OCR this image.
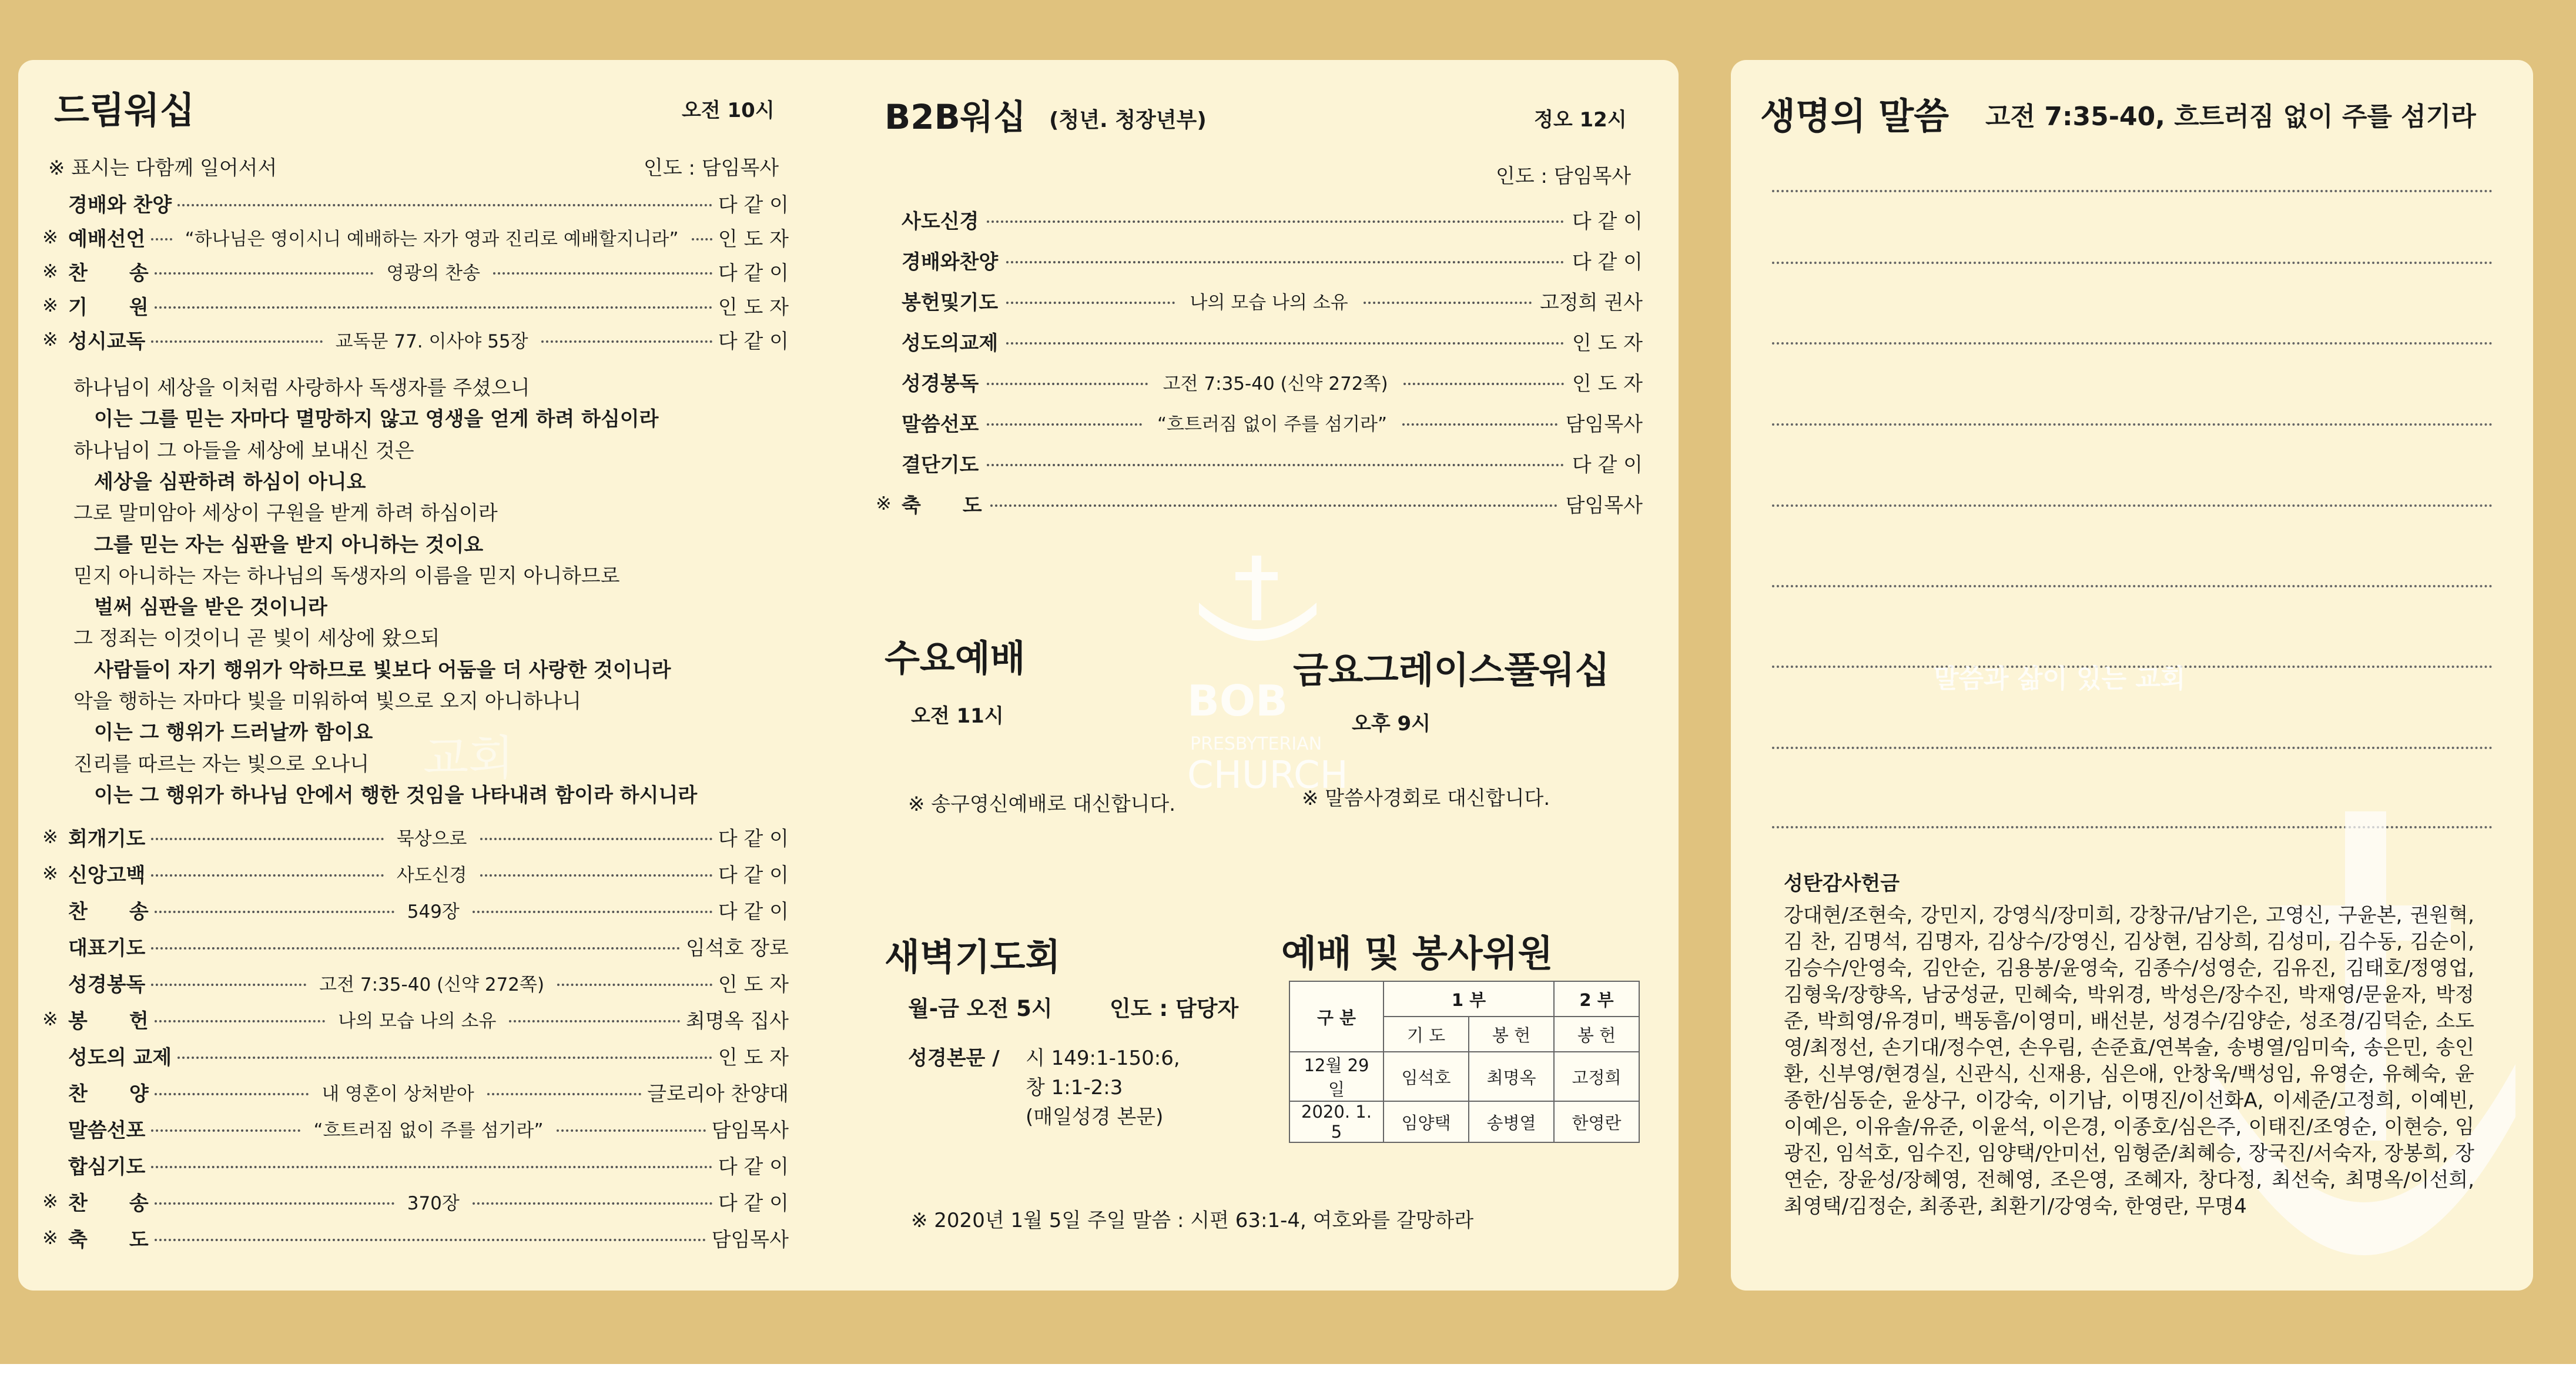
BOB
PRESBYTERIAN
CHURCH
교회
드림워십	오전 10시
※ 표시는 다함께 일어서서	인도 : 담임목사
경배와 찬양	다 같 이
※ 예배선언	“하나님은 영이시니 예배하는 자가 영과 진리로 예배할지니라”	인 도 자
※ 찬      송	영광의 찬송	다 같 이
※ 기      원	인 도 자
※ 성시교독	교독문 77. 이사야 55장	다 같 이
하나님이 세상을 이처럼 사랑하사 독생자를 주셨으니
이는 그를 믿는 자마다 멸망하지 않고 영생을 얻게 하려 하심이라
하나님이 그 아들을 세상에 보내신 것은
세상을 심판하려 하심이 아니요
그로 말미암아 세상이 구원을 받게 하려 하심이라
그를 믿는 자는 심판을 받지 아니하는 것이요
믿지 아니하는 자는 하나님의 독생자의 이름을 믿지 아니하므로
벌써 심판을 받은 것이니라
그 정죄는 이것이니 곧 빛이 세상에 왔으되
사람들이 자기 행위가 악하므로 빛보다 어둠을 더 사랑한 것이니라
악을 행하는 자마다 빛을 미워하여 빛으로 오지 아니하나니
이는 그 행위가 드러날까 함이요
진리를 따르는 자는 빛으로 오나니
이는 그 행위가 하나님 안에서 행한 것임을 나타내려 함이라 하시니라
※ 회개기도	묵상으로	다 같 이
※ 신앙고백	사도신경	다 같 이
찬      송	549장	다 같 이
대표기도	임석호 장로
성경봉독	고전 7:35-40 (신약 272쪽)	인 도 자
※ 봉      헌	나의 모습 나의 소유	최명옥 집사
성도의 교제	인 도 자
찬      양	내 영혼이 상처받아	글로리아 찬양대
말씀선포	“흐트러짐 없이 주를 섬기라”	담임목사
합심기도	다 같 이
※ 찬      송	370장	다 같 이
※ 축      도	담임목사
B2B워십 (청년. 청장년부)	정오 12시
인도 : 담임목사
사도신경	다 같 이
경배와찬양	다 같 이
봉헌및기도	나의 모습 나의 소유	고정희 권사
성도의교제	인 도 자
성경봉독	고전 7:35-40 (신약 272쪽)	인 도 자
말씀선포	“흐트러짐 없이 주를 섬기라”	담임목사
결단기도	다 같 이
※ 축      도	담임목사
수요예배
오전 11시
※ 송구영신예배로 대신합니다.
금요그레이스풀워십
오후 9시
※ 말씀사경회로 대신합니다.
새벽기도회
월-금 오전 5시	인도 : 담당자
성경본문 / 시 149:1-150:6,
창 1:1-2:3
(매일성경 본문)
예배 및 봉사위원
구 분	1 부		2 부
	기 도	봉 헌	봉 헌
12월 29일	임석호	최명옥	고정희
2020. 1. 5	임양택	송병열	한영란
※ 2020년 1월 5일 주일 말씀 : 시편 63:1-4, 여호와를 갈망하라
생명의 말씀 고전 7:35-40, 흐트러짐 없이 주를 섬기라
말씀과 삶이 있는 교회
성탄감사헌금
강대현/조현숙, 강민지, 강영식/장미희, 강창규/남기은, 고영신, 구윤본, 권원혁, 김 찬, 김명석, 김명자, 김상수/강영신, 김상현, 김상희, 김성미, 김수동, 김순이, 김승수/안영숙, 김안순, 김용봉/윤영숙, 김종수/성영순, 김유진, 김태호/정영업, 김형욱/장향옥, 남궁성균, 민혜숙, 박위경, 박성은/장수진, 박재영/문윤자, 박정준, 박희영/유경미, 백동흠/이영미, 배선분, 성경수/김양순, 성조경/김덕순, 소도영/최정선, 손기대/정수연, 손우림, 손준효/연복술, 송병열/임미숙, 송은민, 송인환, 신부영/현경실, 신관식, 신재용, 심은애, 안창욱/백성임, 유영순, 유혜숙, 윤종한/심동순, 윤상구, 이강숙, 이기남, 이명진/이선화A, 이세준/고정희, 이예빈, 이예은, 이유솔/유준, 이윤석, 이은경, 이종호/심은주, 이태진/조영순, 이현승, 임광진, 임석호, 임수진, 임양택/안미선, 임형준/최혜승, 장국진/서숙자, 장봉희, 장연순, 장윤성/장혜영, 전혜영, 조은영, 조혜자, 창다정, 최선숙, 최명옥/이선희, 최영택/김정순, 최종관, 최환기/강영숙, 한영란, 무명4
